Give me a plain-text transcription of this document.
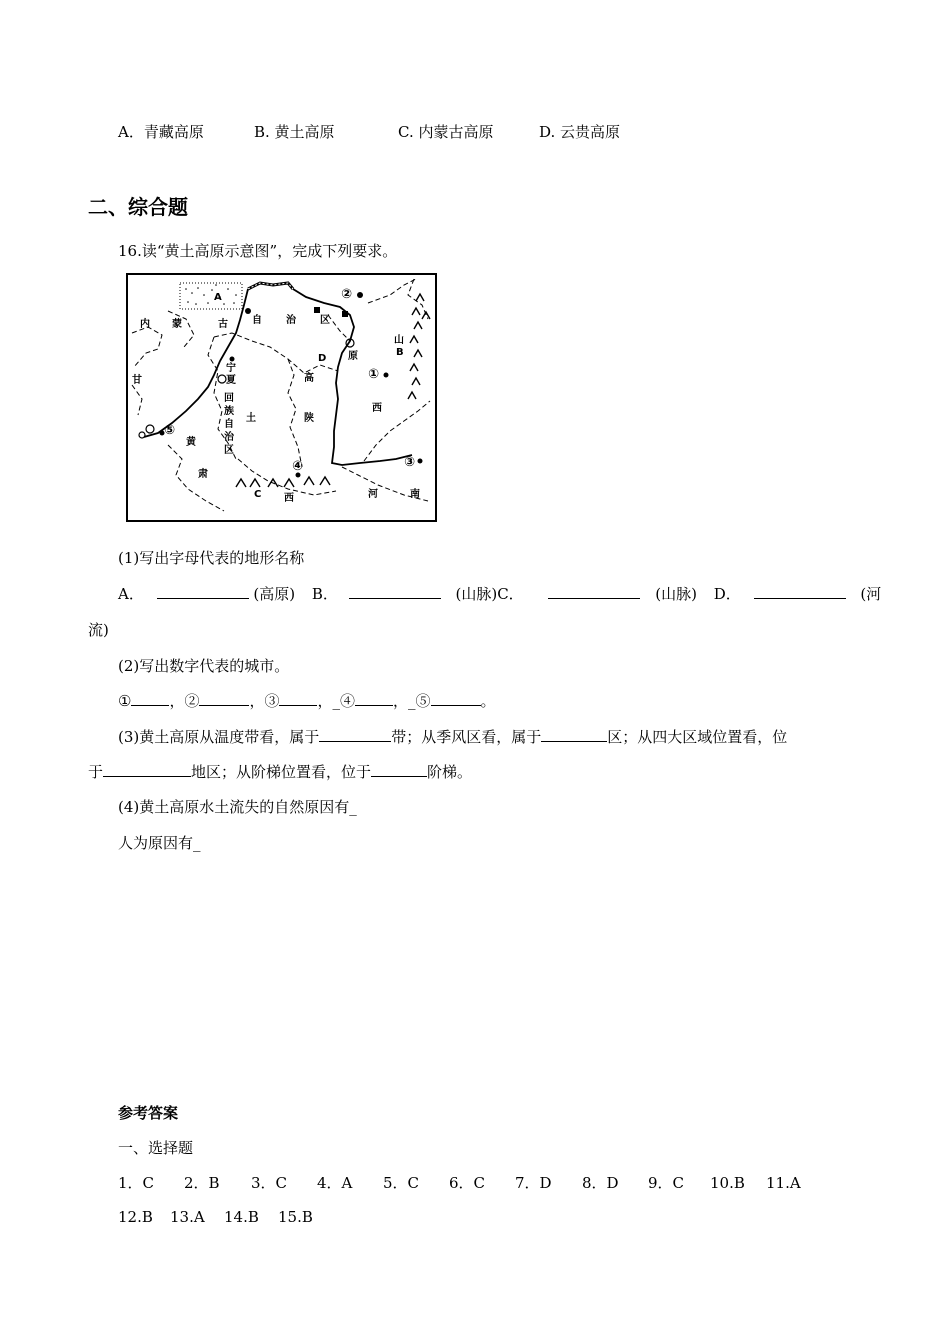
A．青藏高原	B. 黄土高原	C. 内蒙古高原	D. 云贵高原
二、综合题
16.读“黄土高原示意图”，完成下列要求。
A	②
内 蒙	古 自 治 区
山
B
原
D
高	①
西
宁
夏
回
族
自
治
区
土	陕
甘
⑤
黄
肃
④
C 西
③
河	南
(1)写出字母代表的地形名称
A．	(高原) B．	(山脉)C．	(山脉) D．	(河
流)
(2)写出数字代表的城市。
①	，②	，③	，_④	，_⑤	。
(3)黄土高原从温度带看，属于	带；从季风区看，属于	区；从四大区域位置看，位
于	地区；从阶梯位置看，位于	阶梯。
(4)黄土高原水土流失的自然原因有_
人为原因有_
参考答案
一、选择题
1．C 2．B 3．C 4．A 5．C 6．C 7．D 8．D 9．C 10.B 11.A
12.B 13.A 14.B 15.B
